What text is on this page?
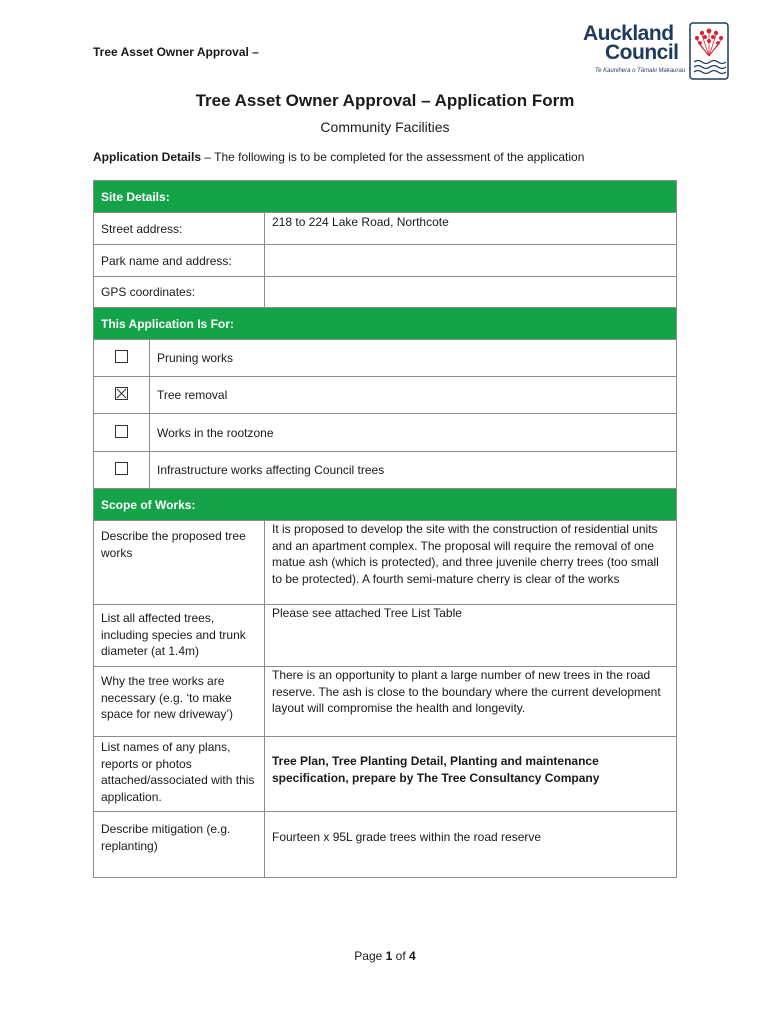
Tree Asset Owner Approval –
Auckland
Council
Te Kaunihera o Tāmaki Makaurau
Tree Asset Owner Approval – Application Form
Community Facilities
Application Details – The following is to be completed for the assessment of the application
Site Details:		
Street address:		218 to 224 Lake Road, Northcote

Park name and address:		
GPS coordinates:		
This Application Is For:		
	Pruning works	
	Tree removal	
	Works in the rootzone	
	Infrastructure works affecting Council trees	
Scope of Works:		

Describe the proposed tree works		It is proposed to develop the site with the construction of residential units and an apartment complex. The proposal will require the removal of one matue ash (which is protected), and three juvenile cherry trees (too small to be protected). A fourth semi-mature cherry is clear of the works

List all affected trees, including species and trunk diameter (at 1.4m)		Please see attached Tree List Table

Why the tree works are necessary (e.g. ‘to make space for new driveway’)		There is an opportunity to plant a large number of new trees in the road reserve. The ash is close to the boundary where the current development layout will compromise the health and longevity.

List names of any plans, reports or photos attached/associated with this application.		Tree Plan, Tree Planting Detail, Planting and maintenance specification, prepare by The Tree Consultancy Company

Describe mitigation (e.g. replanting)		Fourteen x 95L grade trees within the road reserve
Page 1 of 4
